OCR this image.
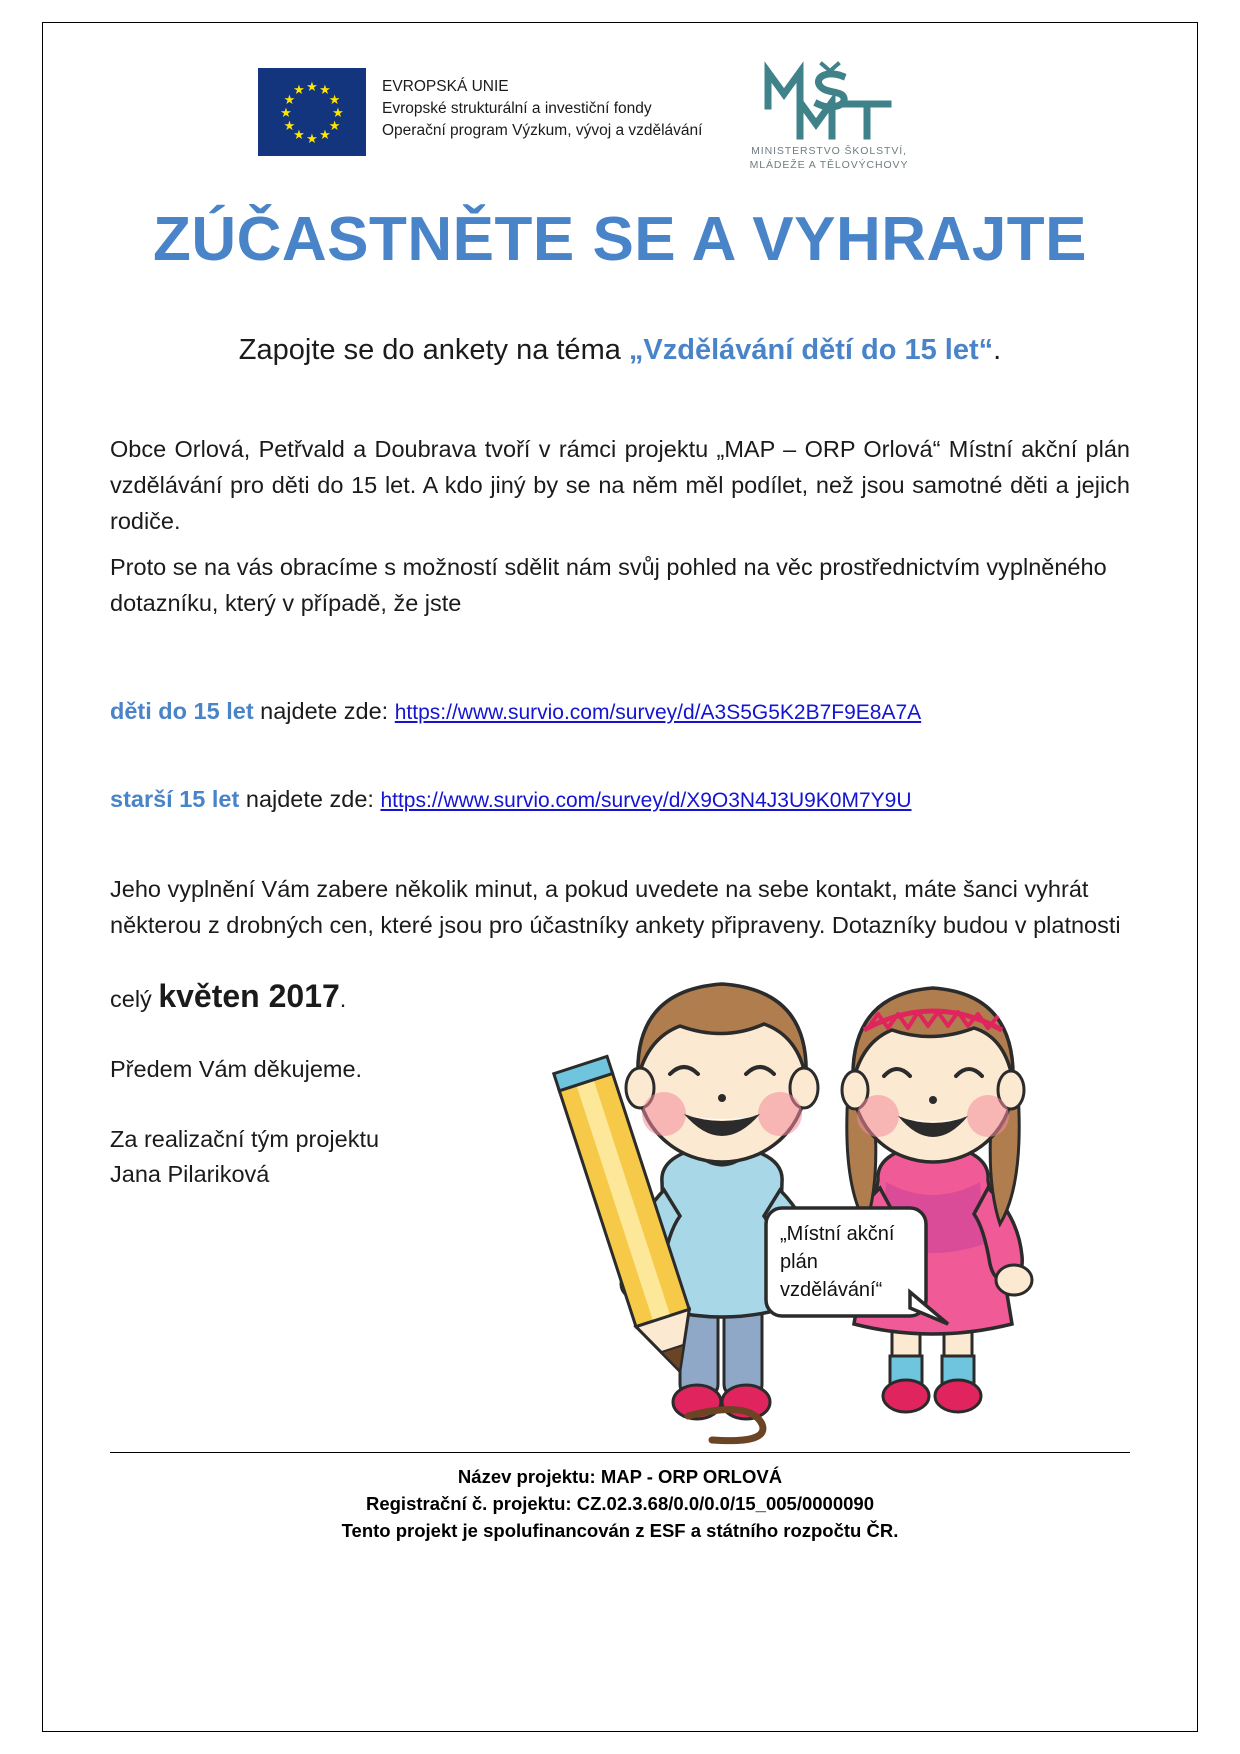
★ ★
★
★
★
★
★
★
★
★
★
★	EVROPSKÁ UNIE
Evropské strukturální a investiční fondy
Operační program Výzkum, vývoj a vzdělávání
MINISTERSTVO ŠKOLSTVÍ,
MLÁDEŽE A TĚLOVÝCHOVY
ZÚČASTNĚTE SE A VYHRAJTE
Zapojte se do ankety na téma „Vzdělávání dětí do 15 let“.
Obce Orlová, Petřvald a Doubrava tvoří v rámci projektu „MAP – ORP Orlová“ Místní akční plán vzdělávání pro děti do 15 let. A kdo jiný by se na něm měl podílet, než jsou samotné děti a jejich rodiče.
Proto se na vás obracíme s možností sdělit nám svůj pohled na věc prostřednictvím vyplněného dotazníku, který v případě, že jste
děti do 15 let najdete zde: https://www.survio.com/survey/d/A3S5G5K2B7F9E8A7A
starší 15 let najdete zde: https://www.survio.com/survey/d/X9O3N4J3U9K0M7Y9U
Jeho vyplnění Vám zabere několik minut, a pokud uvedete na sebe kontakt, máte šanci vyhrát některou z drobných cen, které jsou pro účastníky ankety připraveny. Dotazníky budou v platnosti
celý květen 2017.
Předem Vám děkujeme.
Za realizační tým projektu
Jana Pilariková
„Místní akční
plán
vzdělávání“
Název projektu: MAP - ORP ORLOVÁ
Registrační č. projektu: CZ.02.3.68/0.0/0.0/15_005/0000090
Tento projekt je spolufinancován z ESF a státního rozpočtu ČR.
